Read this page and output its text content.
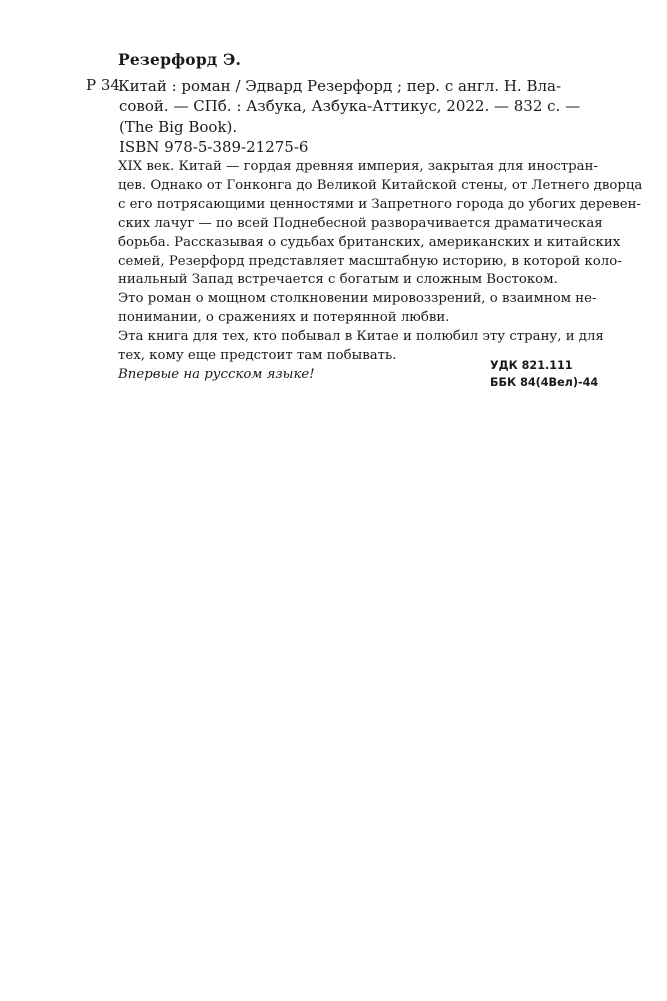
Резерфорд Э.
Р 34
Китай : роман / Эдвард Резерфорд ; пер. с англ. Н. Вла-
совой. — СПб. : Азбука, Азбука-Аттикус, 2022. — 832 с. —
(The Big Book).
ISBN 978-5-389-21275-6
XIX век. Китай — гордая древняя империя, закрытая для иностран-
цев. Однако от Гонконга до Великой Китайской стены, от Летнего дворца
с его потрясающими ценностями и Запретного города до убогих дерeвен-
ских лачуг — по всей Поднебесной разворачивается драматическая
борьба. Рассказывая о судьбах британских, американских и китайских
семей, Резерфорд представляет масштабную историю, в которой коло-
ниальный Запад встречается с богатым и сложным Востоком.
Это роман о мощном столкновении мировоззрений, о взаимном не-
понимании, о сражениях и потерянной любви.
Эта книга для тех, кто побывал в Китае и полюбил эту страну, и для
тех, кому еще предстоит там побывать.
Впервые на русском языке!
УДК 821.111
ББК 84(4Вел)-44
